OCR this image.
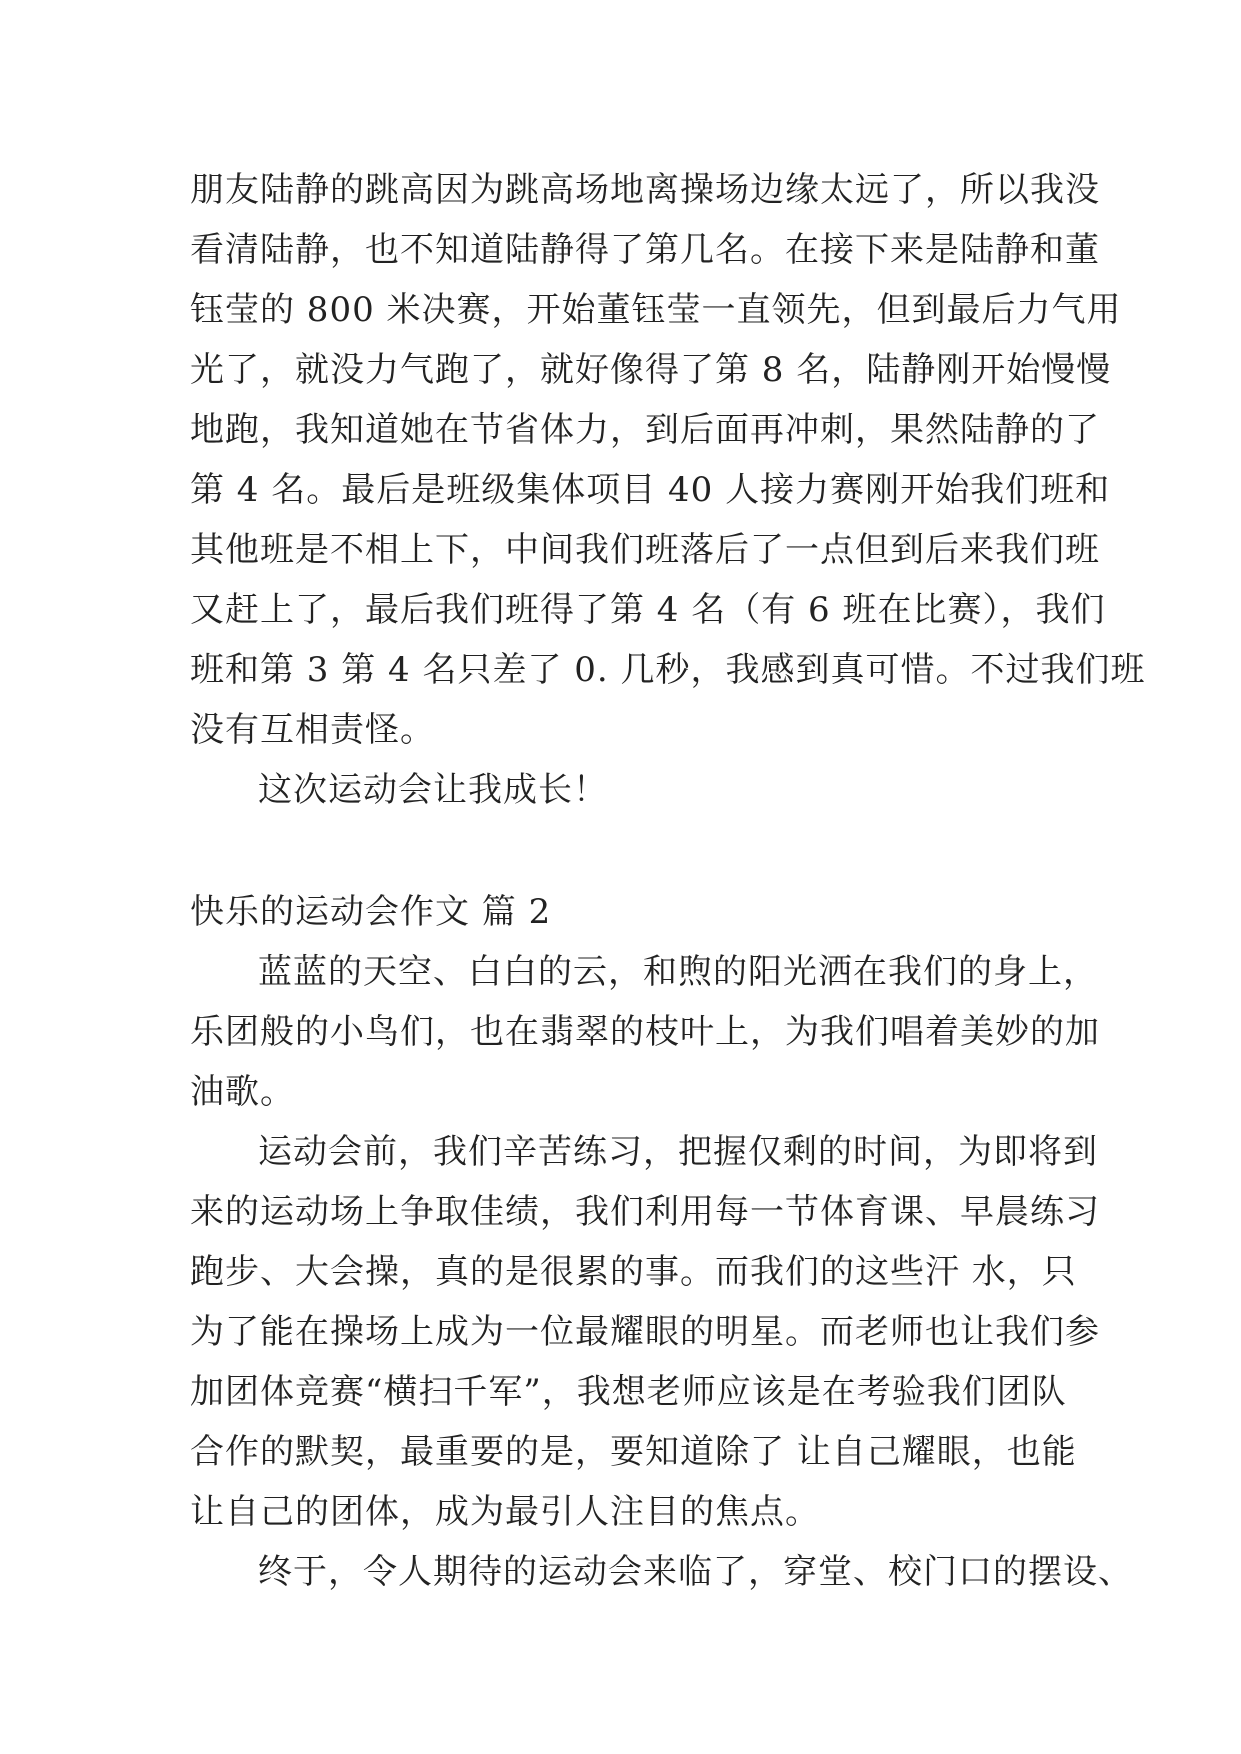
朋友陆静的跳高因为跳高场地离操场边缘太远了，所以我没
看清陆静，也不知道陆静得了第几名。在接下来是陆静和董
钰莹的 800 米决赛，开始董钰莹一直领先，但到最后力气用
光了，就没力气跑了，就好像得了第 8 名，陆静刚开始慢慢
地跑，我知道她在节省体力，到后面再冲刺，果然陆静的了
第 4 名。最后是班级集体项目 40 人接力赛刚开始我们班和
其他班是不相上下，中间我们班落后了一点但到后来我们班
又赶上了，最后我们班得了第 4 名（有 6 班在比赛），我们
班和第 3 第 4 名只差了 0. 几秒，我感到真可惜。不过我们班
没有互相责怪。
这次运动会让我成长！
快乐的运动会作文 篇 2
蓝蓝的天空、白白的云，和煦的阳光洒在我们的身上，
乐团般的小鸟们，也在翡翠的枝叶上，为我们唱着美妙的加
油歌。
运动会前，我们辛苦练习，把握仅剩的时间，为即将到
来的运动场上争取佳绩，我们利用每一节体育课、早晨练习
跑步、大会操，真的是很累的事。而我们的这些汗 水，只
为了能在操场上成为一位最耀眼的明星。而老师也让我们参
加团体竞赛“横扫千军”，我想老师应该是在考验我们团队
合作的默契，最重要的是，要知道除了 让自己耀眼，也能
让自己的团体，成为最引人注目的焦点。
终于，令人期待的运动会来临了，穿堂、校门口的摆设、
